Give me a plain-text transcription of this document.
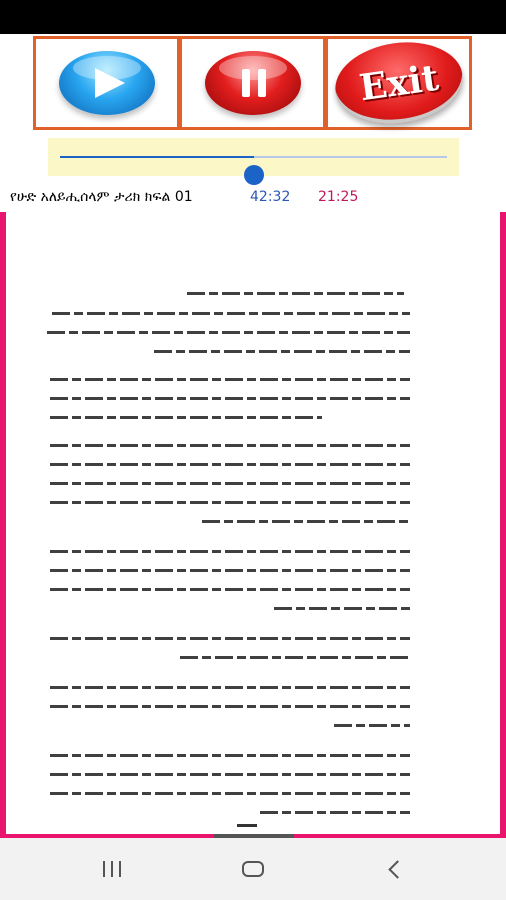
Exit
የሁድ አለይሒሰላም ታሪክ ክፍል 01	42:32 21:25
